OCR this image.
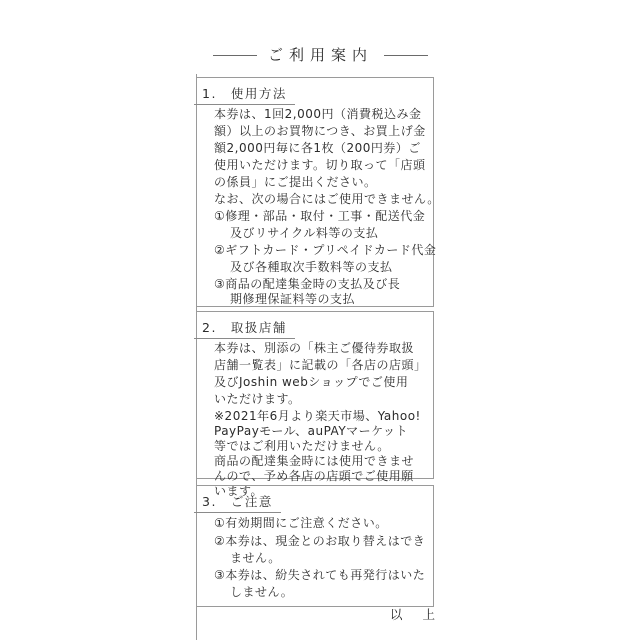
ご利用案内
1.　使用方法
本券は、1回2,000円（消費税込み金
額）以上のお買物につき、お買上げ金
額2,000円毎に各1枚（200円券）ご
使用いただけます。切り取って「店頭
の係員」にご提出ください。
なお、次の場合にはご使用できません。
①修理・部品・取付・工事・配送代金
及びリサイクル料等の支払
②ギフトカード・プリペイドカード代金
及び各種取次手数料等の支払
③商品の配達集金時の支払及び長
期修理保証料等の支払
2.　取扱店舗
本券は、別添の「株主ご優待券取扱
店舗一覧表」に記載の「各店の店頭」
及びJoshin webショップでご使用
いただけます。
※2021年6月より楽天市場、Yahoo!
PayPayモール、auPAYマーケット
等ではご利用いただけません。
商品の配達集金時には使用できませ
んので、予め各店の店頭でご使用願
います。
3.　ご注意
①有効期間にご注意ください。
②本券は、現金とのお取り替えはでき
ません。
③本券は、紛失されても再発行はいた
しません。
以 上
